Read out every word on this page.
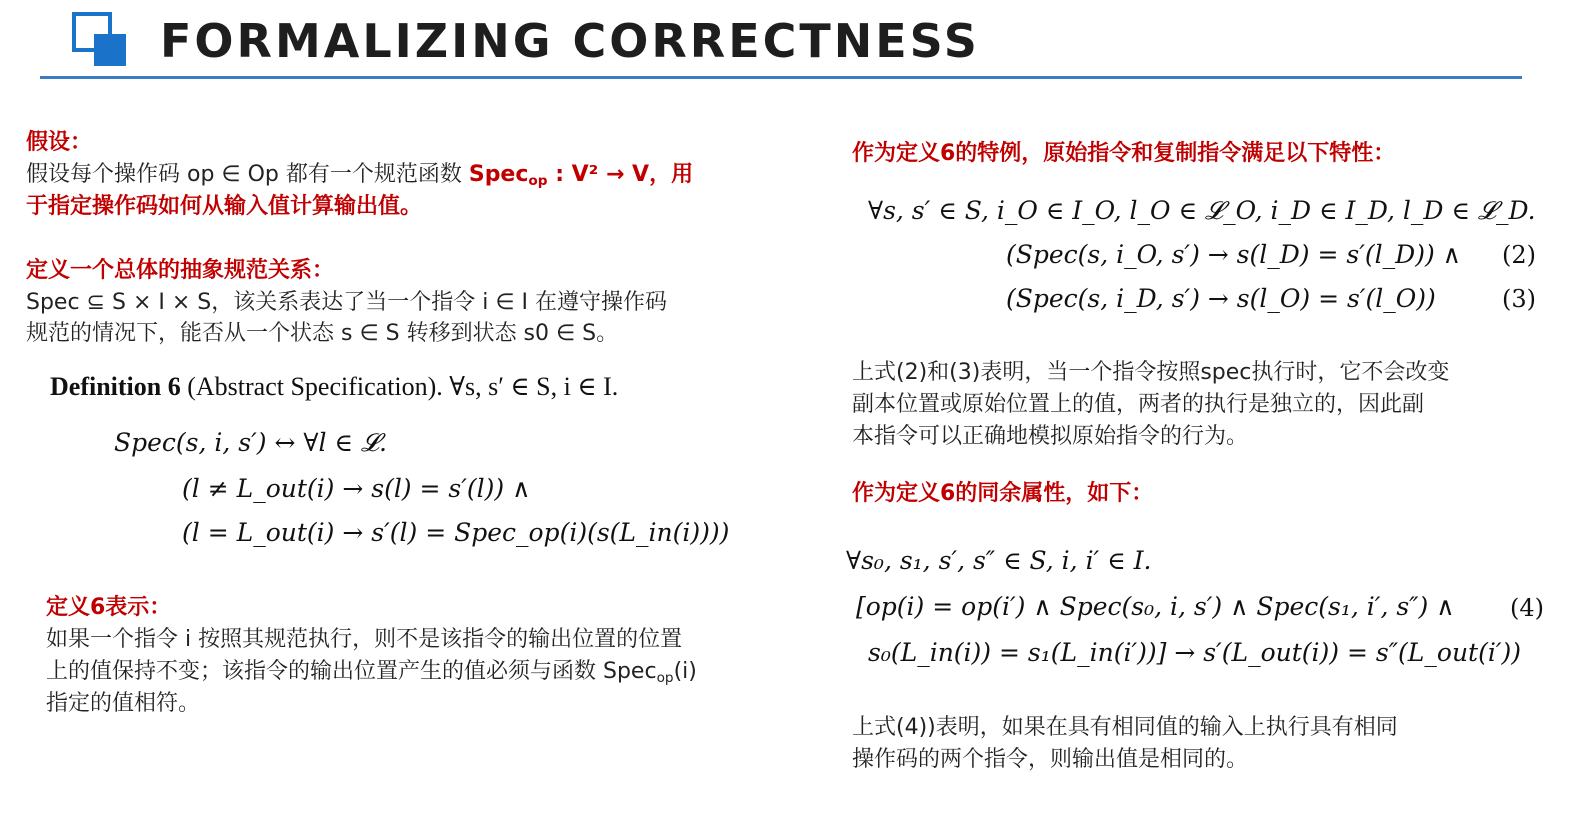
FORMALIZING CORRECTNESS
假设：
假设每个操作码 op ∈ Op 都有一个规范函数 Spec$_{op}$ : V² → V，用
于指定操作码如何从输入值计算输出值。
定义一个总体的抽象规范关系：
Spec ⊆ S × I × S，该关系表达了当一个指令 i ∈ I 在遵守操作码
规范的情况下，能否从一个状态 s ∈ S 转移到状态 s0 ∈ S。
Definition 6 (Abstract Specification). ∀s, s′ ∈ S, i ∈ I.
Spec(s, i, s′) ↔ ∀l ∈ 𝓛.
(l ≠ L_out(i) → s(l) = s′(l)) ∧
(l = L_out(i) → s′(l) = Spec_op(i)(s(L_in(i))))
定义6表示：
如果一个指令 i 按照其规范执行，则不是该指令的输出位置的位置
上的值保持不变；该指令的输出位置产生的值必须与函数 Spec$_{op}$(i)
指定的值相符。
作为定义6的特例，原始指令和复制指令满足以下特性：
∀s, s′ ∈ S, i_O ∈ I_O, l_O ∈ 𝓛_O, i_D ∈ I_D, l_D ∈ 𝓛_D.
(Spec(s, i_O, s′) → s(l_D) = s′(l_D)) ∧ (2)
(Spec(s, i_D, s′) → s(l_O) = s′(l_O))	(3)
上式(2)和(3)表明，当一个指令按照spec执行时，它不会改变
副本位置或原始位置上的值，两者的执行是独立的，因此副
本指令可以正确地模拟原始指令的行为。
作为定义6的同余属性，如下：
∀s₀, s₁, s′, s″ ∈ S, i, i′ ∈ I.
[op(i) = op(i′) ∧ Spec(s₀, i, s′) ∧ Spec(s₁, i′, s″) ∧ (4)
s₀(L_in(i)) = s₁(L_in(i′))] → s′(L_out(i)) = s″(L_out(i′))
上式(4))表明，如果在具有相同值的输入上执行具有相同
操作码的两个指令，则输出值是相同的。
